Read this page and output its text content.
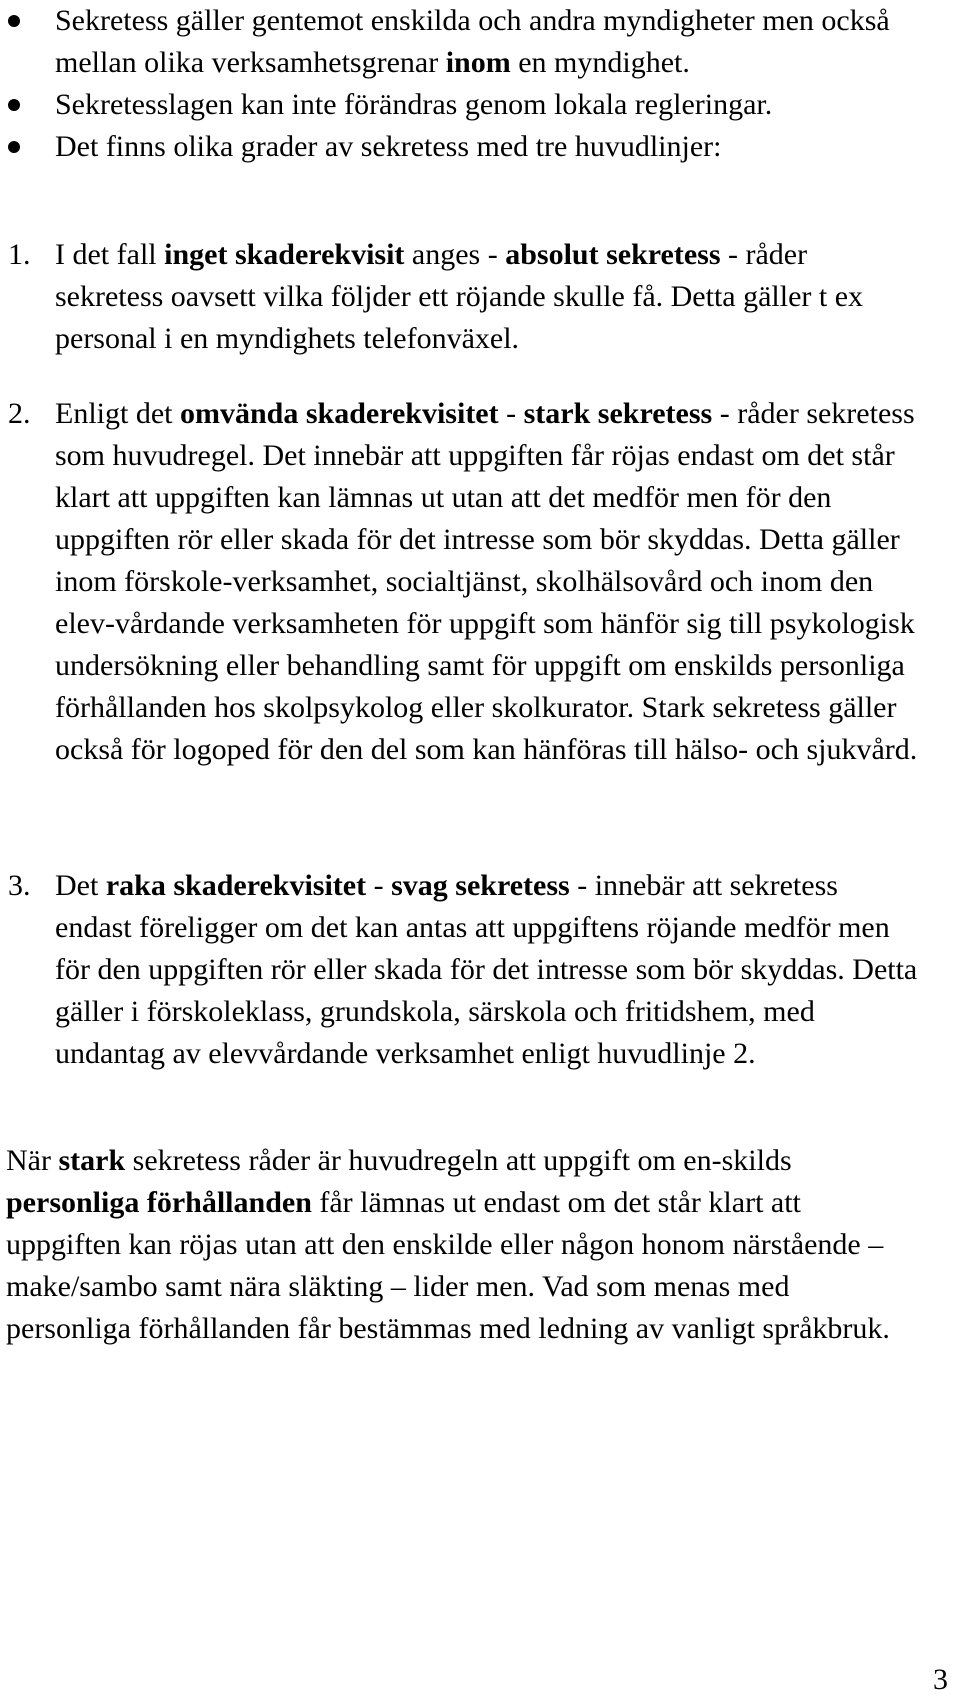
Sekretess gäller gentemot enskilda och andra myndigheter men också mellan olika verksamhetsgrenar inom en myndighet.
Sekretesslagen kan inte förändras genom lokala regleringar.
Det finns olika grader av sekretess med tre huvudlinjer:
1. I det fall inget skaderekvisit anges - absolut sekretess - råder sekretess oavsett vilka följder ett röjande skulle få. Detta gäller t ex personal i en myndighets telefonväxel.
2. Enligt det omvända skaderekvisitet - stark sekretess - råder sekretess som huvudregel. Det innebär att uppgiften får röjas endast om det står klart att uppgiften kan lämnas ut utan att det medför men för den uppgiften rör eller skada för det intresse som bör skyddas. Detta gäller inom förskole-verksamhet, socialtjänst, skolhälsovård och inom den elev-vårdande verksamheten för uppgift som hänför sig till psykologisk undersökning eller behandling samt för uppgift om enskilds personliga förhållanden hos skolpsykolog eller skolkurator. Stark sekretess gäller också för logoped för den del som kan hänföras till hälso- och sjukvård.
3. Det raka skaderekvisitet - svag sekretess - innebär att sekretess endast föreligger om det kan antas att uppgiftens röjande medför men för den uppgiften rör eller skada för det intresse som bör skyddas. Detta gäller i förskoleklass, grundskola, särskola och fritidshem, med undantag av elevvårdande verksamhet enligt huvudlinje 2.

När stark sekretess råder är huvudregeln att uppgift om en-skilds personliga förhållanden får lämnas ut endast om det står klart att uppgiften kan röjas utan att den enskilde eller någon honom närstående – make/sambo samt nära släkting – lider men. Vad som menas med personliga förhållanden får bestämmas med ledning av vanligt språkbruk.

3
